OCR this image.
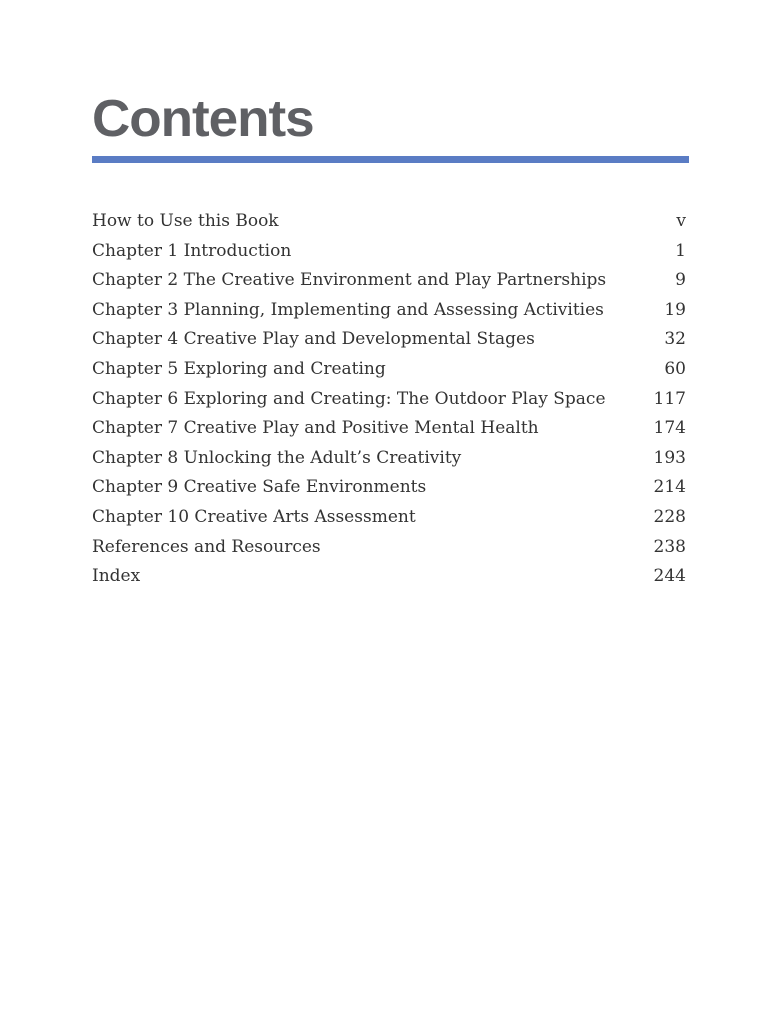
Contents
How to Use this Book	v
Chapter 1 Introduction	1
Chapter 2 The Creative Environment and Play Partnerships	9
Chapter 3 Planning, Implementing and Assessing Activities	19
Chapter 4 Creative Play and Developmental Stages	32
Chapter 5 Exploring and Creating	60
Chapter 6 Exploring and Creating: The Outdoor Play Space	117
Chapter 7 Creative Play and Positive Mental Health	174
Chapter 8 Unlocking the Adult’s Creativity	193
Chapter 9 Creative Safe Environments	214
Chapter 10 Creative Arts Assessment	228
References and Resources	238
Index	244
